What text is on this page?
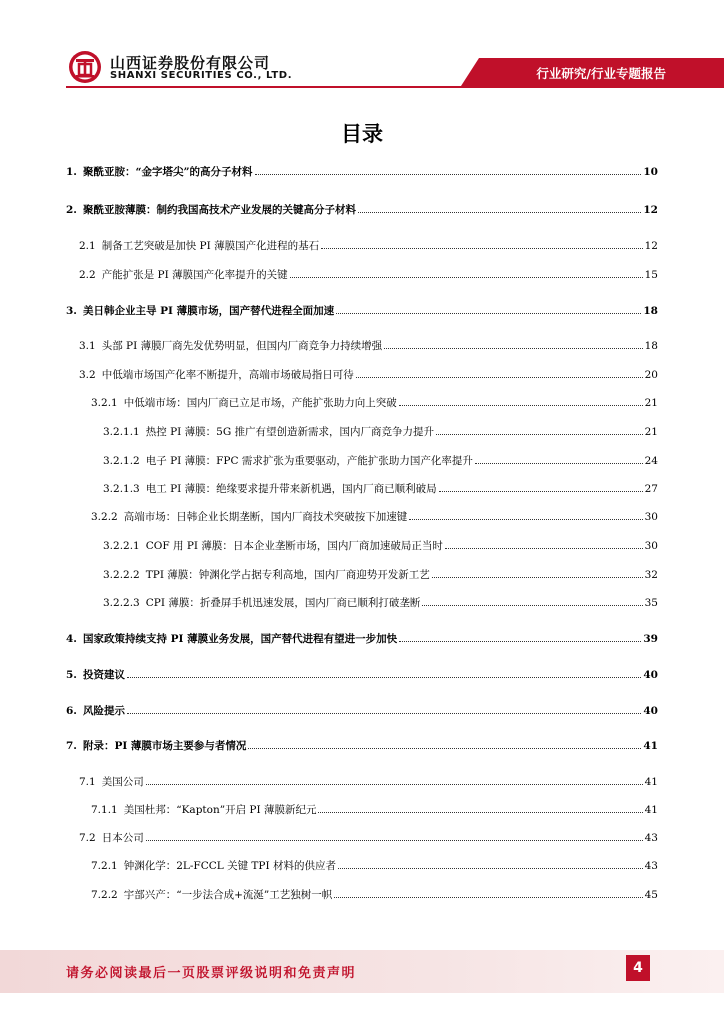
山西证券股份有限公司
SHANXI SECURITIES CO., LTD.	行业研究/行业专题报告
目录
1. 聚酰亚胺：“金字塔尖”的高分子材料	10
2. 聚酰亚胺薄膜：制约我国高技术产业发展的关键高分子材料	12
2.1 制备工艺突破是加快 PI 薄膜国产化进程的基石	12
2.2 产能扩张是 PI 薄膜国产化率提升的关键	15
3. 美日韩企业主导 PI 薄膜市场，国产替代进程全面加速	18
3.1 头部 PI 薄膜厂商先发优势明显，但国内厂商竞争力持续增强	18
3.2 中低端市场国产化率不断提升，高端市场破局指日可待	20
3.2.1 中低端市场：国内厂商已立足市场，产能扩张助力向上突破	21
3.2.1.1 热控 PI 薄膜：5G 推广有望创造新需求，国内厂商竞争力提升	21
3.2.1.2 电子 PI 薄膜：FPC 需求扩张为重要驱动，产能扩张助力国产化率提升	24
3.2.1.3 电工 PI 薄膜：绝缘要求提升带来新机遇，国内厂商已顺利破局	27
3.2.2 高端市场：日韩企业长期垄断，国内厂商技术突破按下加速键	30
3.2.2.1 COF 用 PI 薄膜：日本企业垄断市场，国内厂商加速破局正当时	30
3.2.2.2 TPI 薄膜：钟渊化学占据专利高地，国内厂商迎势开发新工艺	32
3.2.2.3 CPI 薄膜：折叠屏手机迅速发展，国内厂商已顺利打破垄断	35
4. 国家政策持续支持 PI 薄膜业务发展，国产替代进程有望进一步加快	39
5. 投资建议	40
6. 风险提示	40
7. 附录：PI 薄膜市场主要参与者情况	41
7.1 美国公司	41
7.1.1 美国杜邦：“Kapton”开启 PI 薄膜新纪元	41
7.2 日本公司	43
7.2.1 钟渊化学：2L-FCCL 关键 TPI 材料的供应者	43
7.2.2 宇部兴产：“一步法合成+流涎”工艺独树一帜	45
请务必阅读最后一页股票评级说明和免责声明	4
